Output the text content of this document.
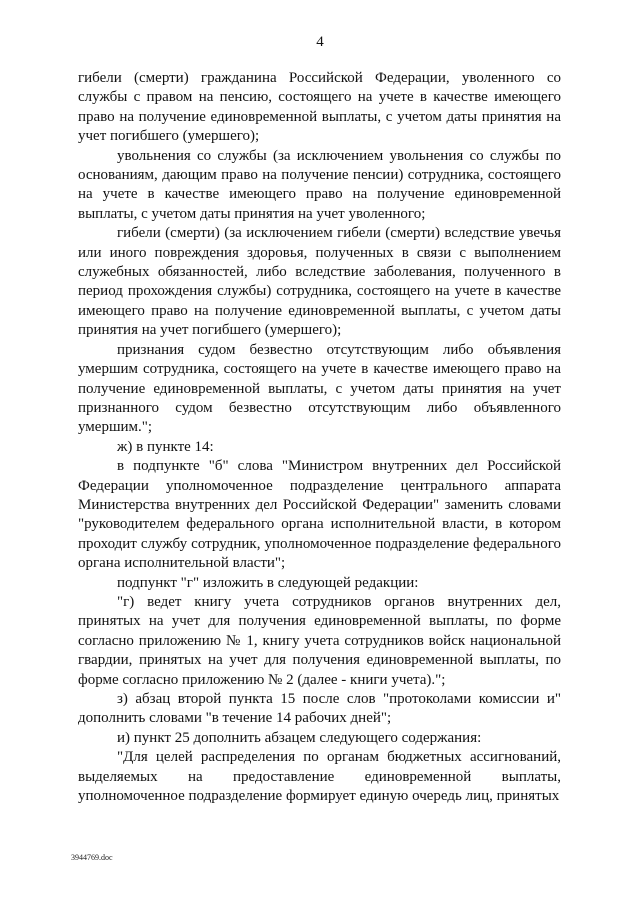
4

гибели (смерти) гражданина Российской Федерации, уволенного со службы с правом на пенсию, состоящего на учете в качестве имеющего право на получение единовременной выплаты, с учетом даты принятия на учет погибшего (умершего);

увольнения со службы (за исключением увольнения со службы по основаниям, дающим право на получение пенсии) сотрудника, состоящего на учете в качестве имеющего право на получение единовременной выплаты, с учетом даты принятия на учет уволенного;

гибели (смерти) (за исключением гибели (смерти) вследствие увечья или иного повреждения здоровья, полученных в связи с выполнением служебных обязанностей, либо вследствие заболевания, полученного в период прохождения службы) сотрудника, состоящего на учете в качестве имеющего право на получение единовременной выплаты, с учетом даты принятия на учет погибшего (умершего);

признания судом безвестно отсутствующим либо объявления умершим сотрудника, состоящего на учете в качестве имеющего право на получение единовременной выплаты, с учетом даты принятия на учет признанного судом безвестно отсутствующим либо объявленного умершим.";

ж) в пункте 14:

в подпункте "б" слова "Министром внутренних дел Российской Федерации уполномоченное подразделение центрального аппарата Министерства внутренних дел Российской Федерации" заменить словами "руководителем федерального органа исполнительной власти, в котором проходит службу сотрудник, уполномоченное подразделение федерального органа исполнительной власти";

подпункт "г" изложить в следующей редакции:

"г) ведет книгу учета сотрудников органов внутренних дел, принятых на учет для получения единовременной выплаты, по форме согласно приложению № 1, книгу учета сотрудников войск национальной гвардии, принятых на учет для получения единовременной выплаты, по форме согласно приложению № 2 (далее - книги учета).";

з) абзац второй пункта 15 после слов "протоколами комиссии и" дополнить словами "в течение 14 рабочих дней";

и) пункт 25 дополнить абзацем следующего содержания:

"Для целей распределения по органам бюджетных ассигнований, выделяемых на предоставление единовременной выплаты, уполномоченное подразделение формирует единую очередь лиц, принятых

3944769.doc
